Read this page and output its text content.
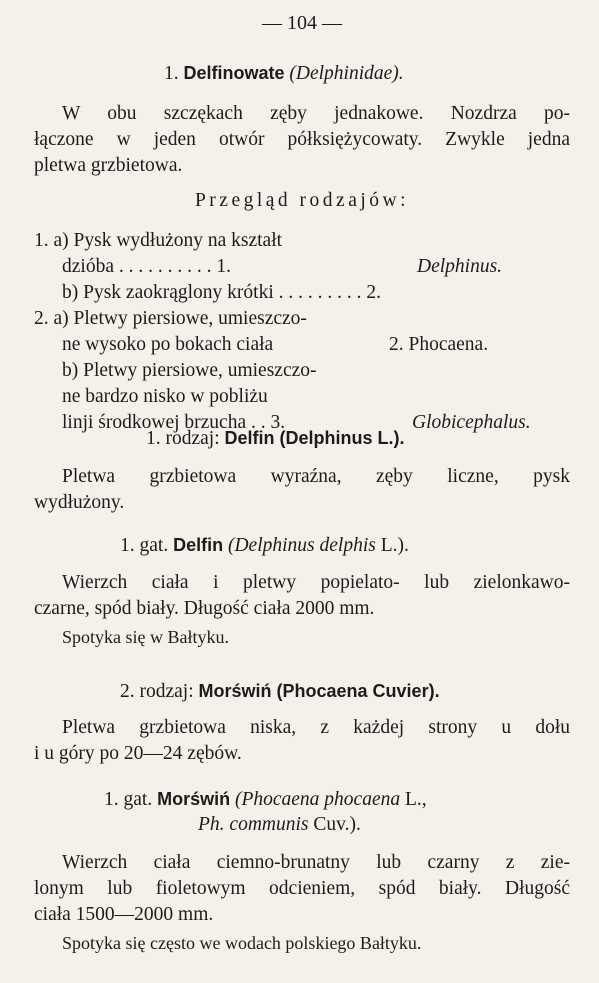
— 104 —
1. Delfinowate (Delphinidae).
W obu szczękach zęby jednakowe. Nozdrza po-
łączone w jeden otwór półksiężycowaty. Zwykle jedna
pletwa grzbietowa.
Przegląd rodzajów:
1. a) Pysk wydłużony na kształt
dzióba . . . . . . . . . . 1.	Delphinus.
b) Pysk zaokrąglony krótki . . . . . . . . . 2.
2. a) Pletwy piersiowe, umieszczo-
ne wysoko po bokach ciała	2. Phocaena.
b) Pletwy piersiowe, umieszczo-
ne bardzo nisko w pobliżu
linji środkowej brzucha . . 3.	Globicephalus.
1. rodzaj: Delfin (Delphinus L.).
Pletwa grzbietowa wyraźna, zęby liczne, pysk
wydłużony.
1. gat. Delfin (Delphinus delphis L.).
Wierzch ciała i pletwy popielato- lub zielonkawo-
czarne, spód biały. Długość ciała 2000 mm.
Spotyka się w Bałtyku.
2. rodzaj: Morświń (Phocaena Cuvier).
Pletwa grzbietowa niska, z każdej strony u dołu
i u góry po 20—24 zębów.
1. gat. Morświń (Phocaena phocaena L.,
Ph. communis Cuv.).
Wierzch ciała ciemno-brunatny lub czarny z zie-
lonym lub fioletowym odcieniem, spód biały. Długość
ciała 1500—2000 mm.
Spotyka się często we wodach polskiego Bałtyku.
